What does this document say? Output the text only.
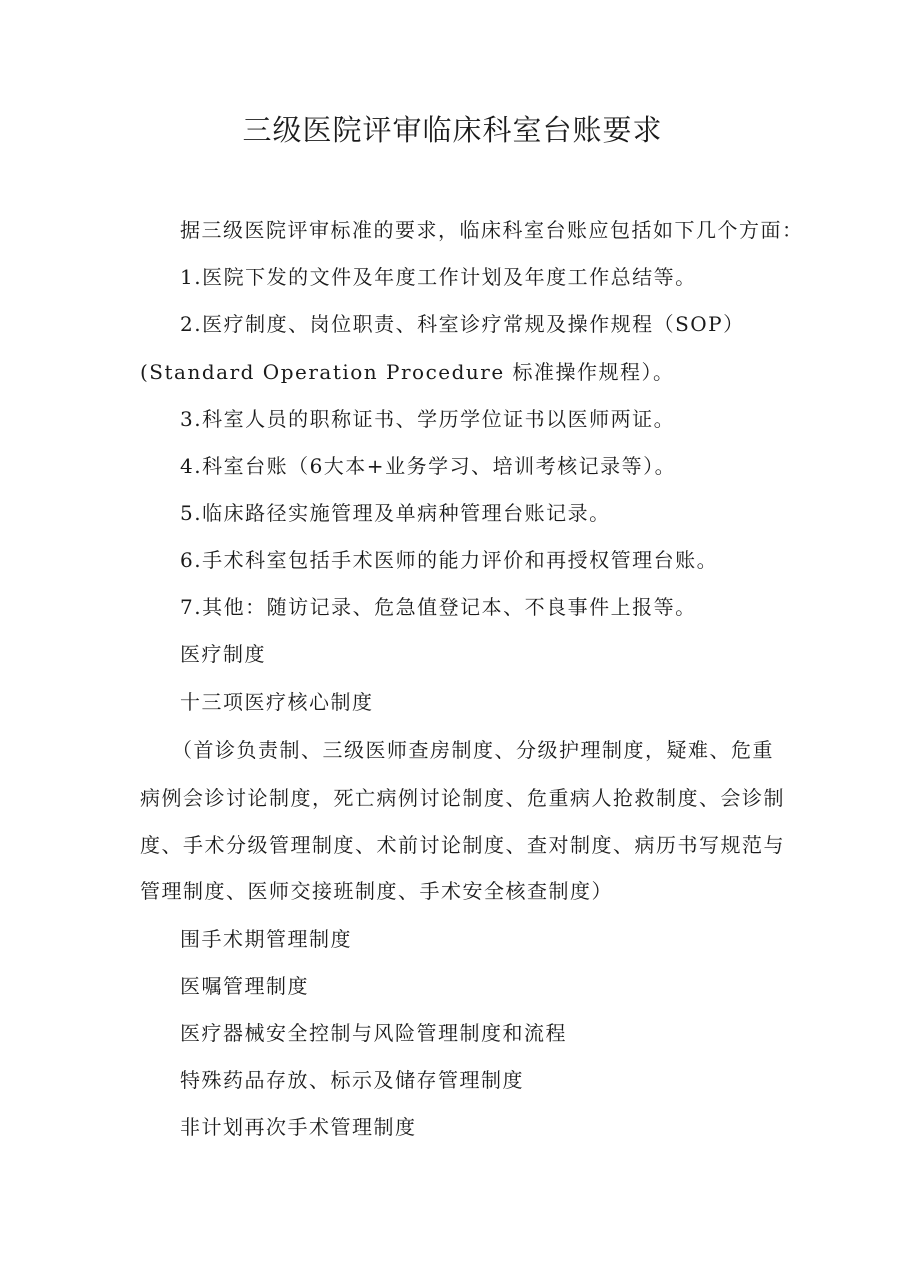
三级医院评审临床科室台账要求
据三级医院评审标准的要求，临床科室台账应包括如下几个方面：
1.医院下发的文件及年度工作计划及年度工作总结等。
2.医疗制度、岗位职责、科室诊疗常规及操作规程（SOP）
(Standard Operation Procedure 标准操作规程）。
3.科室人员的职称证书、学历学位证书以医师两证。
4.科室台账（6大本+业务学习、培训考核记录等）。
5.临床路径实施管理及单病种管理台账记录。
6.手术科室包括手术医师的能力评价和再授权管理台账。
7.其他：随访记录、危急值登记本、不良事件上报等。
医疗制度
十三项医疗核心制度
（首诊负责制、三级医师查房制度、分级护理制度，疑难、危重
病例会诊讨论制度，死亡病例讨论制度、危重病人抢救制度、会诊制
度、手术分级管理制度、术前讨论制度、查对制度、病历书写规范与
管理制度、医师交接班制度、手术安全核查制度）
围手术期管理制度
医嘱管理制度
医疗器械安全控制与风险管理制度和流程
特殊药品存放、标示及储存管理制度
非计划再次手术管理制度
